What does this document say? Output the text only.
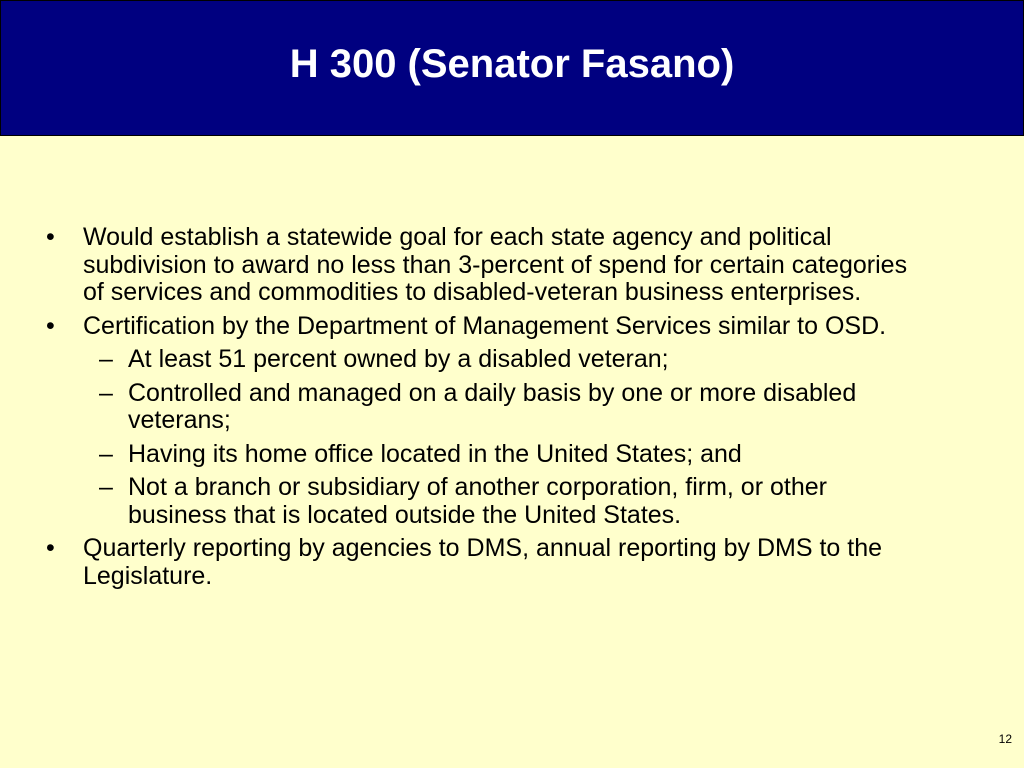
H 300 (Senator Fasano)
• Would establish a statewide goal for each state agency and political subdivision to award no less than 3-percent of spend for certain categories of services and commodities to disabled-veteran business enterprises.
• Certification by the Department of Management Services similar to OSD.
– At least 51 percent owned by a disabled veteran;
– Controlled and managed on a daily basis by one or more disabled veterans;
– Having its home office located in the United States; and
– Not a branch or subsidiary of another corporation, firm, or other business that is located outside the United States.
• Quarterly reporting by agencies to DMS, annual reporting by DMS to the Legislature.
12
